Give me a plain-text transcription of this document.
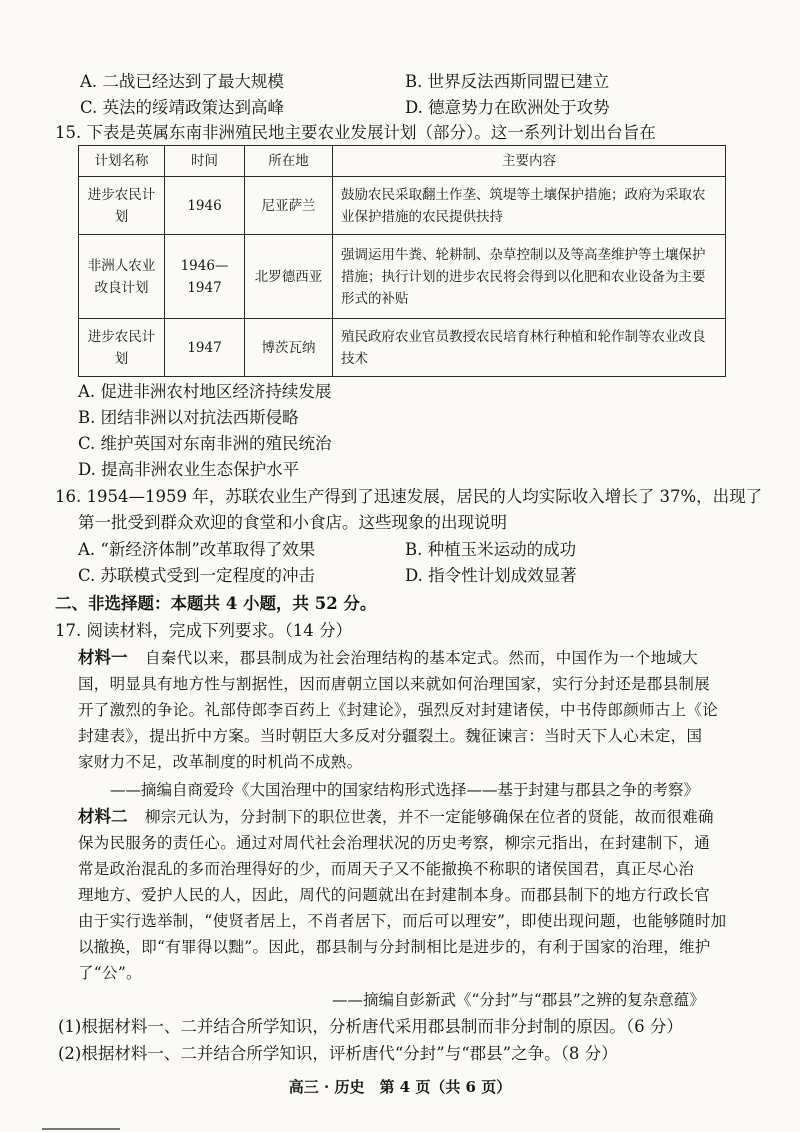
A. 二战已经达到了最大规模	B. 世界反法西斯同盟已建立
C. 英法的绥靖政策达到高峰	D. 德意势力在欧洲处于攻势
15. 下表是英属东南非洲殖民地主要农业发展计划（部分）。这一系列计划出台旨在
计划名称	时间	所在地	主要内容
进步农民计划	1946	尼亚萨兰	鼓励农民采取翻土作垄、筑堤等土壤保护措施；政府为采取农业保护措施的农民提供扶持
非洲人农业改良计划	1946—1947	北罗德西亚	强调运用牛粪、轮耕制、杂草控制以及等高垄维护等土壤保护措施；执行计划的进步农民将会得到以化肥和农业设备为主要形式的补贴
进步农民计划	1947	博茨瓦纳	殖民政府农业官员教授农民培育林行种植和轮作制等农业改良技术
A. 促进非洲农村地区经济持续发展
B. 团结非洲以对抗法西斯侵略
C. 维护英国对东南非洲的殖民统治
D. 提高非洲农业生态保护水平
16. 1954—1959 年，苏联农业生产得到了迅速发展，居民的人均实际收入增长了 37%，出现了
第一批受到群众欢迎的食堂和小食店。这些现象的出现说明
A. “新经济体制”改革取得了效果	B. 种植玉米运动的成功
C. 苏联模式受到一定程度的冲击	D. 指令性计划成效显著
二、非选择题：本题共 4 小题，共 52 分。
17. 阅读材料，完成下列要求。（14 分）
材料一 自秦代以来，郡县制成为社会治理结构的基本定式。然而，中国作为一个地域大
国，明显具有地方性与割据性，因而唐朝立国以来就如何治理国家，实行分封还是郡县制展
开了激烈的争论。礼部侍郎李百药上《封建论》，强烈反对封建诸侯，中书侍郎颜师古上《论
封建表》，提出折中方案。当时朝臣大多反对分疆裂土。魏征谏言：当时天下人心未定，国
家财力不足，改革制度的时机尚不成熟。
——摘编自商爱玲《大国治理中的国家结构形式选择——基于封建与郡县之争的考察》
材料二 柳宗元认为，分封制下的职位世袭，并不一定能够确保在位者的贤能，故而很难确
保为民服务的责任心。通过对周代社会治理状况的历史考察，柳宗元指出，在封建制下，通
常是政治混乱的多而治理得好的少，而周天子又不能撤换不称职的诸侯国君，真正尽心治
理地方、爱护人民的人，因此，周代的问题就出在封建制本身。而郡县制下的地方行政长官
由于实行选举制，“使贤者居上，不肖者居下，而后可以理安”，即使出现问题，也能够随时加
以撤换，即“有罪得以黜”。因此，郡县制与分封制相比是进步的，有利于国家的治理，维护
了“公”。
——摘编自彭新武《“分封”与“郡县”之辨的复杂意蕴》
(1)根据材料一、二并结合所学知识，分析唐代采用郡县制而非分封制的原因。（6 分）
(2)根据材料一、二并结合所学知识，评析唐代“分封”与“郡县”之争。（8 分）
高三 · 历史　第 4 页（共 6 页）
